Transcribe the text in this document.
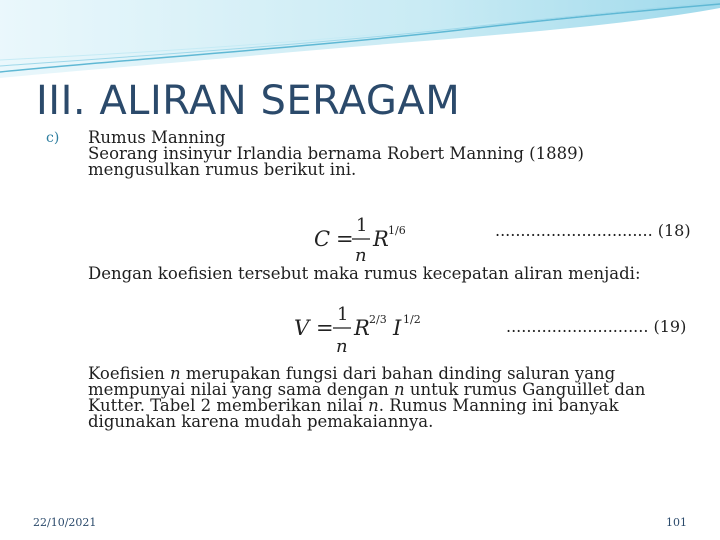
III. ALIRAN SERAGAM
c) Rumus Manning
Seorang insinyur Irlandia bernama Robert Manning (1889)
mengusulkan rumus berikut ini.
C =
1
n
R 1/6	............................... (18)
Dengan koefisien tersebut maka rumus kecepatan aliran menjadi:
V =
1
n
R 2/3 I 1/2	............................ (19)
Koefisien n merupakan fungsi dari bahan dinding saluran yang
mempunyai nilai yang sama dengan n untuk rumus Ganguillet dan
Kutter. Tabel 2 memberikan nilai n. Rumus Manning ini banyak
digunakan karena mudah pemakaiannya.
22/10/2021	101
